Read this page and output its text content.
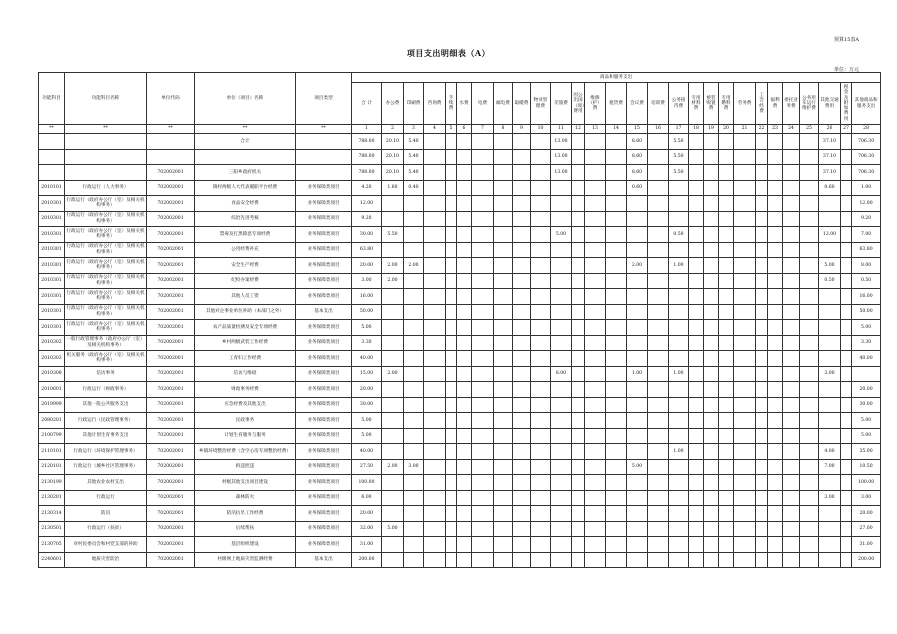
预算15表A
项目支出明细表（A）
单位：万元
功能科目	功能科目名称	单位代码	单位（项目）名称	项目类型	商品和服务支出																											
					合 计	办公费	印刷费	咨询费	手续费	水费	电费	邮电费	取暖费	物业管理费	差旅费	因公出国（境）费用	维修（护）费	租赁费	会议费	培训费	公务接待费	专用材料费	被装购置费	专用燃料费	劳务费	工会经费	福利费	委托业务费	公务用车运行维护费	其他交通费用	税金及附加费用	其他商品和服务支出
**	**	**	**	**	1	2	3	4	5	6	7	8	9	10	11	12	13	14	15	16	17	18	19	20	21	22	23	24	25	26	27	28
			合计		788.00	20.10	5.40								13.00				8.60		5.50									37.10		706.30
					788.00	20.10	5.40								13.00				8.60		5.50									37.10		706.30
		702002001	三阳乡政府机关		788.00	20.10	5.40								13.00				8.60		5.50									37.10		706.30
2010101	行政运行（人大事务）	702002001	镇村两级人大代表履职平台经费	业务保障类项目	4.20	1.60	0.40												0.60											0.60		1.00
2010301	行政运行（政府办公厅（室）及相关机构事务）	702002001	食品安全经费	业务保障类项目	12.00																											12.00
2010301	行政运行（政府办公厅（室）及相关机构事务）	702002001	综治先进考核	业务保障类项目	9.20																											9.20
2010301	行政运行（政府办公厅（室）及相关机构事务）	702002001	禁毒及打黑除恶专项经费	业务保障类项目	30.00	5.50									5.00						0.50									12.00		7.00
2010301	行政运行（政府办公厅（室）及相关机构事务）	702002001	公用经费补充	业务保障类项目	63.80																											63.80
2010301	行政运行（政府办公厅（室）及相关机构事务）	702002001	安全生产经费	业务保障类项目	20.00	2.00	2.00												2.00		1.00									5.00		8.00
2010301	行政运行（政府办公厅（室）及相关机构事务）	702002001	纪检办案经费	业务保障类项目	3.00	2.00																								0.50		0.50
2010301	行政运行（政府办公厅（室）及相关机构事务）	702002001	其他人员工资	业务保障类项目	16.00																											16.00
2010301	行政运行（政府办公厅（室）及相关机构事务）	702002001	其他对企事业单位补助（本部门之外）	基本支出	50.00																											50.00
2010301	行政运行（政府办公厅（室）及相关机构事务）	702002001	农产品质量检测及安全专项经费	业务保障类项目	5.00																											5.00
2010302	一般行政管理事务（政府办公厅（室）及相关机构事务）	702002001	乡村两级武装工作经费	业务保障类项目	3.30																											3.30
2010303	机关服务（政府办公厅（室）及相关机构事务）	702002001	工青妇工作经费	业务保障类项目	40.00																											40.00
2010308	信访事务	702002001	信访与维稳	业务保障类项目	15.00	2.00									8.00				1.00		1.00									3.00		
2010601	行政运行（财政事务）	702002001	财政事务经费	业务保障类项目	20.00																											20.00
2019999	其他一般公共服务支出	702002001	应急经费及其他支出	业务保障类项目	30.00																											30.00
2080201	行政运行（民政管理事务）	702002001	民政事务	业务保障类项目	5.00																											5.00
2100799	其他计划生育事务支出	702002001	计划生育服务与服务	业务保障类项目	5.00																											5.00
2110101	行政运行（环境保护管理事务）	702002001	乡镇环境整治经费（含空心房专项整治经费）	业务保障类项目	40.00																1.00									4.00		35.00
2120101	行政运行（城乡社区管理事务）	702002001	拆违控违	业务保障类项目	27.50	2.00	3.00												5.00											7.00		10.50
2130199	其他农业农村支出	702002001	村级其他支出项目建设	业务保障类项目	100.00																											100.00
2130201	行政运行	702002001	森林防火	业务保障类项目	6.00																									3.00		3.00
2130314	防汛	702002001	防汛抗旱工作经费	业务保障类项目	20.00																											20.00
2130501	行政运行（扶贫）	702002001	后续帮扶	业务保障类项目	32.00	5.00																										27.00
2130705	对村民委员会和村党支部的补助	702002001	基层组织建设	业务保障类项目	31.00																											31.00
2240601	地质灾害防治	702002001	村级网上地质灾害监测经费	基本支出	200.00																											200.00
